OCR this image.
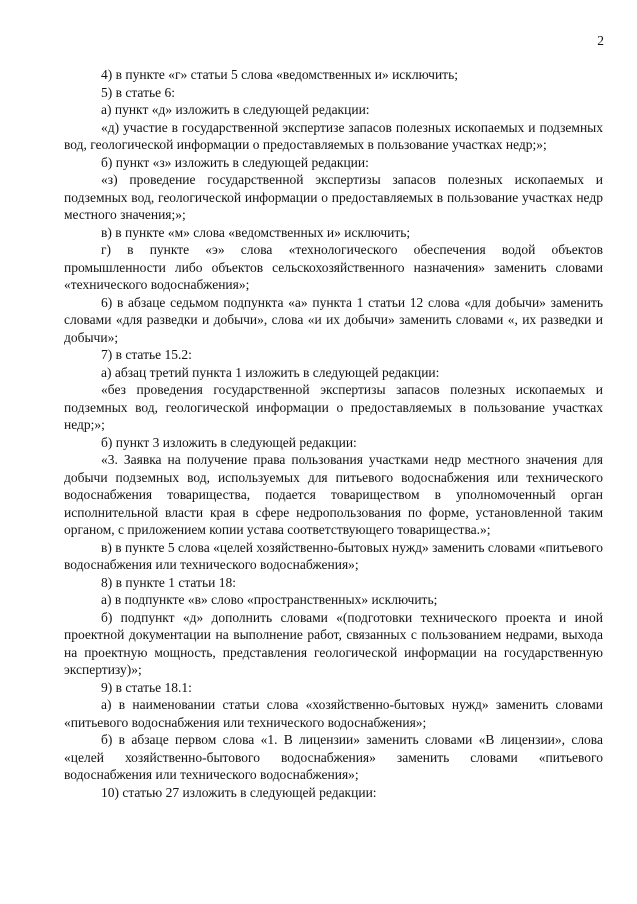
2

4) в пункте «г» статьи 5 слова «ведомственных и» исключить;

5) в статье 6:

а) пункт «д» изложить в следующей редакции:

«д) участие в государственной экспертизе запасов полезных ископаемых и подземных вод, геологической информации о предоставляемых в пользование участках недр;»;

б) пункт «з» изложить в следующей редакции:

«з) проведение государственной экспертизы запасов полезных ископаемых и подземных вод, геологической информации о предоставляемых в пользование участках недр местного значения;»;

в) в пункте «м» слова «ведомственных и» исключить;

г) в пункте «э» слова «технологического обеспечения водой объектов промышленности либо объектов сельскохозяйственного назначения» заменить словами «технического водоснабжения»;

6) в абзаце седьмом подпункта «а» пункта 1 статьи 12 слова «для добычи» заменить словами «для разведки и добычи», слова «и их добычи» заменить словами «, их разведки и добычи»;

7) в статье 15.2:

а) абзац третий пункта 1 изложить в следующей редакции:

«без проведения государственной экспертизы запасов полезных ископаемых и подземных вод, геологической информации о предоставляемых в пользование участках недр;»;

б) пункт 3 изложить в следующей редакции:

«3. Заявка на получение права пользования участками недр местного значения для добычи подземных вод, используемых для питьевого водоснабжения или технического водоснабжения товарищества, подается товариществом в уполномоченный орган исполнительной власти края в сфере недропользования по форме, установленной таким органом, с приложением копии устава соответствующего товарищества.»;

в) в пункте 5 слова «целей хозяйственно-бытовых нужд» заменить словами «питьевого водоснабжения или технического водоснабжения»;

8) в пункте 1 статьи 18:

а) в подпункте «в» слово «пространственных» исключить;

б) подпункт «д» дополнить словами «(подготовки технического проекта и иной проектной документации на выполнение работ, связанных с пользованием недрами, выхода на проектную мощность, представления геологической информации на государственную экспертизу)»;

9) в статье 18.1:

а) в наименовании статьи слова «хозяйственно-бытовых нужд» заменить словами «питьевого водоснабжения или технического водоснабжения»;

б) в абзаце первом слова «1. В лицензии» заменить словами «В лицензии», слова «целей хозяйственно-бытового водоснабжения» заменить словами «питьевого водоснабжения или технического водоснабжения»;

10) статью 27 изложить в следующей редакции:
